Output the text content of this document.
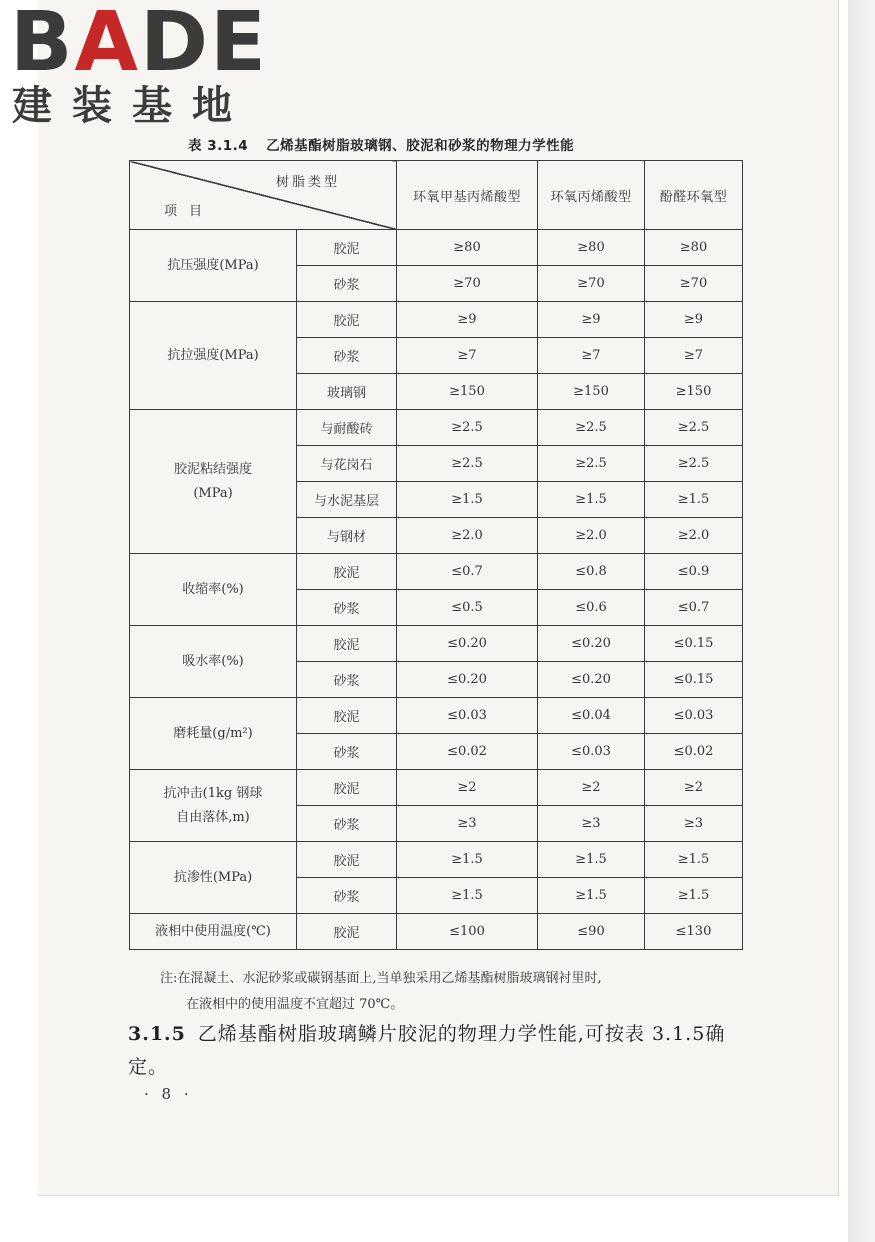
BADE
建装基地
表 3.1.4 乙烯基酯树脂玻璃钢、胶泥和砂浆的物理力学性能
树脂类型
项目		环氧甲基丙烯酸型	环氧丙烯酸型	酚醛环氧型
抗压强度(MPa)	胶泥	≥80	≥80	≥80
	砂浆	≥70	≥70	≥70
抗拉强度(MPa)	胶泥	≥9	≥9	≥9
	砂浆	≥7	≥7	≥7
	玻璃钢	≥150	≥150	≥150
胶泥粘结强度
(MPa)	与耐酸砖	≥2.5	≥2.5	≥2.5
	与花岗石	≥2.5	≥2.5	≥2.5
	与水泥基层	≥1.5	≥1.5	≥1.5
	与钢材	≥2.0	≥2.0	≥2.0
收缩率(%)	胶泥	≤0.7	≤0.8	≤0.9
	砂浆	≤0.5	≤0.6	≤0.7
吸水率(%)	胶泥	≤0.20	≤0.20	≤0.15
	砂浆	≤0.20	≤0.20	≤0.15
磨耗量(g/m²)	胶泥	≤0.03	≤0.04	≤0.03
	砂浆	≤0.02	≤0.03	≤0.02
抗冲击(1kg 钢球
自由落体,m)	胶泥	≥2	≥2	≥2
	砂浆	≥3	≥3	≥3
抗渗性(MPa)	胶泥	≥1.5	≥1.5	≥1.5
	砂浆	≥1.5	≥1.5	≥1.5
液相中使用温度(℃)	胶泥	≤100	≤90	≤130
注:在混凝土、水泥砂浆或碳钢基面上,当单独采用乙烯基酯树脂玻璃钢衬里时,
在液相中的使用温度不宜超过 70℃。
3.1.5 乙烯基酯树脂玻璃鳞片胶泥的物理力学性能,可按表 3.1.5确定。
· 8 ·
